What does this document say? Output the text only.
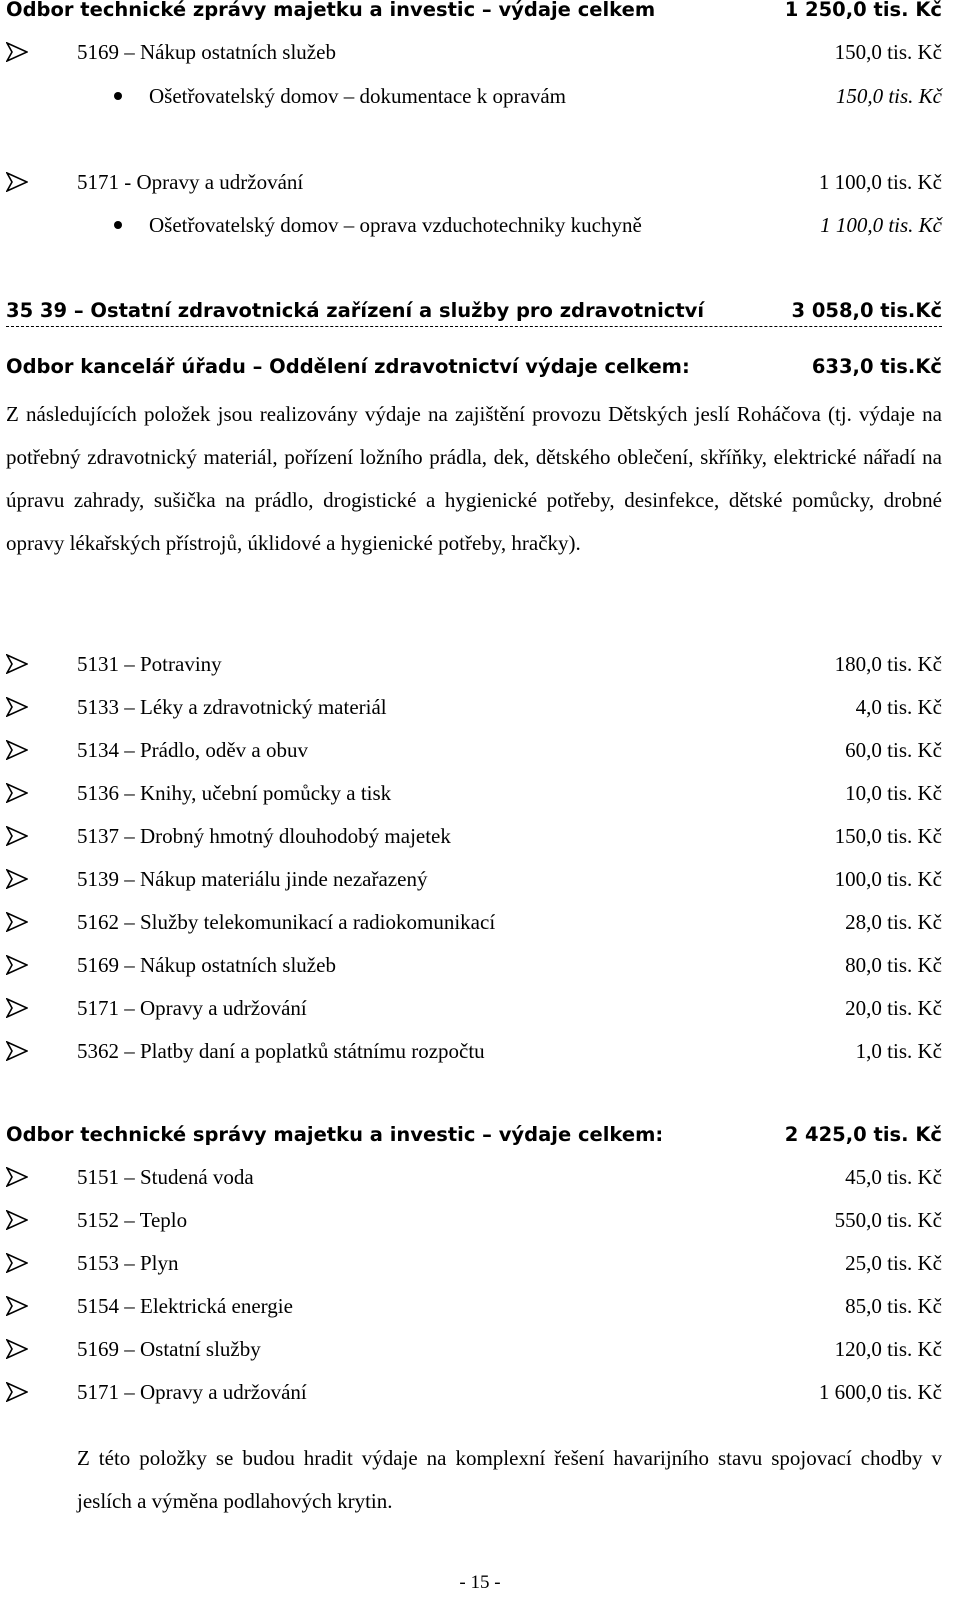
Odbor technické zprávy majetku a investic – výdaje celkem	1 250,0 tis. Kč
5169 – Nákup ostatních služeb	150,0 tis. Kč
Ošetřovatelský domov – dokumentace k opravám	150,0 tis. Kč
5171 - Opravy a udržování	1 100,0 tis. Kč
Ošetřovatelský domov – oprava vzduchotechniky kuchyně	1 100,0 tis. Kč
35 39 – Ostatní zdravotnická zařízení a služby pro zdravotnictví	3 058,0 tis.Kč
Odbor kancelář úřadu – Oddělení zdravotnictví výdaje celkem:	633,0 tis.Kč
Z následujících položek jsou realizovány výdaje na zajištění provozu Dětských jeslí Roháčova (tj. výdaje na potřebný zdravotnický materiál, pořízení ložního prádla, dek, dětského oblečení, skříňky, elektrické nářadí na úpravu zahrady, sušička na prádlo, drogistické a hygienické potřeby, desinfekce, dětské pomůcky, drobné opravy lékařských přístrojů, úklidové a hygienické potřeby, hračky).
5131 – Potraviny	180,0 tis. Kč
5133 – Léky a zdravotnický materiál	4,0 tis. Kč
5134 – Prádlo, oděv a obuv	60,0 tis. Kč
5136 – Knihy, učební pomůcky a tisk	10,0 tis. Kč
5137 – Drobný hmotný dlouhodobý majetek	150,0 tis. Kč
5139 – Nákup materiálu jinde nezařazený	100,0 tis. Kč
5162 – Služby telekomunikací a radiokomunikací	28,0 tis. Kč
5169 – Nákup ostatních služeb	80,0 tis. Kč
5171 – Opravy a udržování	20,0 tis. Kč
5362 – Platby daní a poplatků státnímu rozpočtu	1,0 tis. Kč
Odbor technické správy majetku a investic – výdaje celkem:	2 425,0 tis. Kč
5151 – Studená voda	45,0 tis. Kč
5152 – Teplo	550,0 tis. Kč
5153 – Plyn	25,0 tis. Kč
5154 – Elektrická energie	85,0 tis. Kč
5169 – Ostatní služby	120,0 tis. Kč
5171 – Opravy a udržování	1 600,0 tis. Kč
Z této položky se budou hradit výdaje na komplexní řešení havarijního stavu spojovací chodby v jeslích a výměna podlahových krytin.
- 15 -
